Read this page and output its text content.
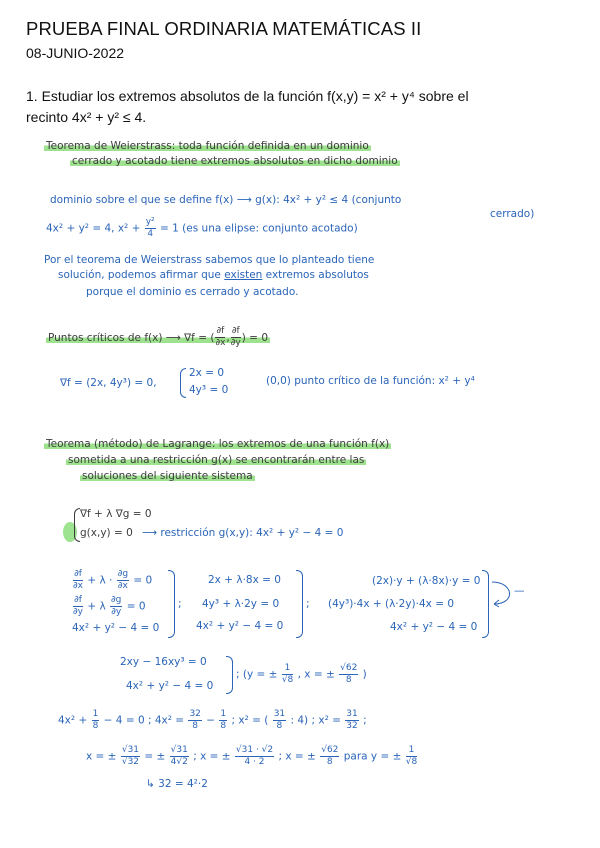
PRUEBA FINAL ORDINARIA MATEMÁTICAS II
08-JUNIO-2022
1. Estudiar los extremos absolutos de la función f(x,y) = x² + y⁴ sobre el
recinto 4x² + y² ≤ 4.
Teorema de Weierstrass: toda función definida en un dominio
cerrado y acotado tiene extremos absolutos en dicho dominio
dominio sobre el que se define f(x) ⟶ g(x): 4x² + y² ≤ 4 (conjunto
cerrado)
4x² + y² = 4, $x^2 + \frac{\text{y²}}{4} = 1$ (es una elipse: conjunto acotado)
Por el teorema de Weierstrass sabemos que lo planteado tiene
solución, podemos afirmar que existen extremos absolutos
porque el dominio es cerrado y acotado.
Puntos críticos de f(x) ⟶ ∇f = ( $\frac{\partial f}{\partial x}$ , $\frac{\partial f}{\partial y}$ ) = 0
∇f = (2x, 4y³) = 0,
2x = 0
4y³ = 0
(0,0) punto crítico de la función: x² + y⁴
Teorema (método) de Lagrange: los extremos de una función f(x)
sometida a una restricción g(x) se encontrarán entre las
soluciones del siguiente sistema
∇f + λ ∇g = 0
g(x,y) = 0 ⟶ restricción g(x,y): 4x² + y² − 4 = 0
$\frac{\partial f}{\partial x} + \lambda \cdot \frac{\partial g}{\partial x} = 0$
$\frac{\partial f}{\partial y} + \lambda \frac{\partial g}{\partial y} = 0$
4x² + y² − 4 = 0
;
2x + λ·8x = 0
4y³ + λ·2y = 0
4x² + y² − 4 = 0
;
(2x)·y + (λ·8x)·y = 0
(4y³)·4x + (λ·2y)·4x = 0
4x² + y² − 4 = 0
—
2xy − 16xy³ = 0
4x² + y² − 4 = 0
; (y = ± $\frac{1}{√8}$ , x = ± $\frac{√62}{8}$ )
$4x^2 + \frac{1}{8} - 4 = 0$ ; $4x^2 = \frac{32}{8} - \frac{1}{8}$ ; x² = ( $\frac{31}{8}$ : 4) ; $x^2 = \frac{31}{32}$ ;
x = ± $\frac{√31}{√32}$ = ± $\frac{√31}{4√2}$ ; x = ± $\frac{√31 \cdot √2}{4 \cdot 2}$ ; x = ± $\frac{√62}{8}$ para y = ± $\frac{1}{√8}$
↳ 32 = 4²·2
